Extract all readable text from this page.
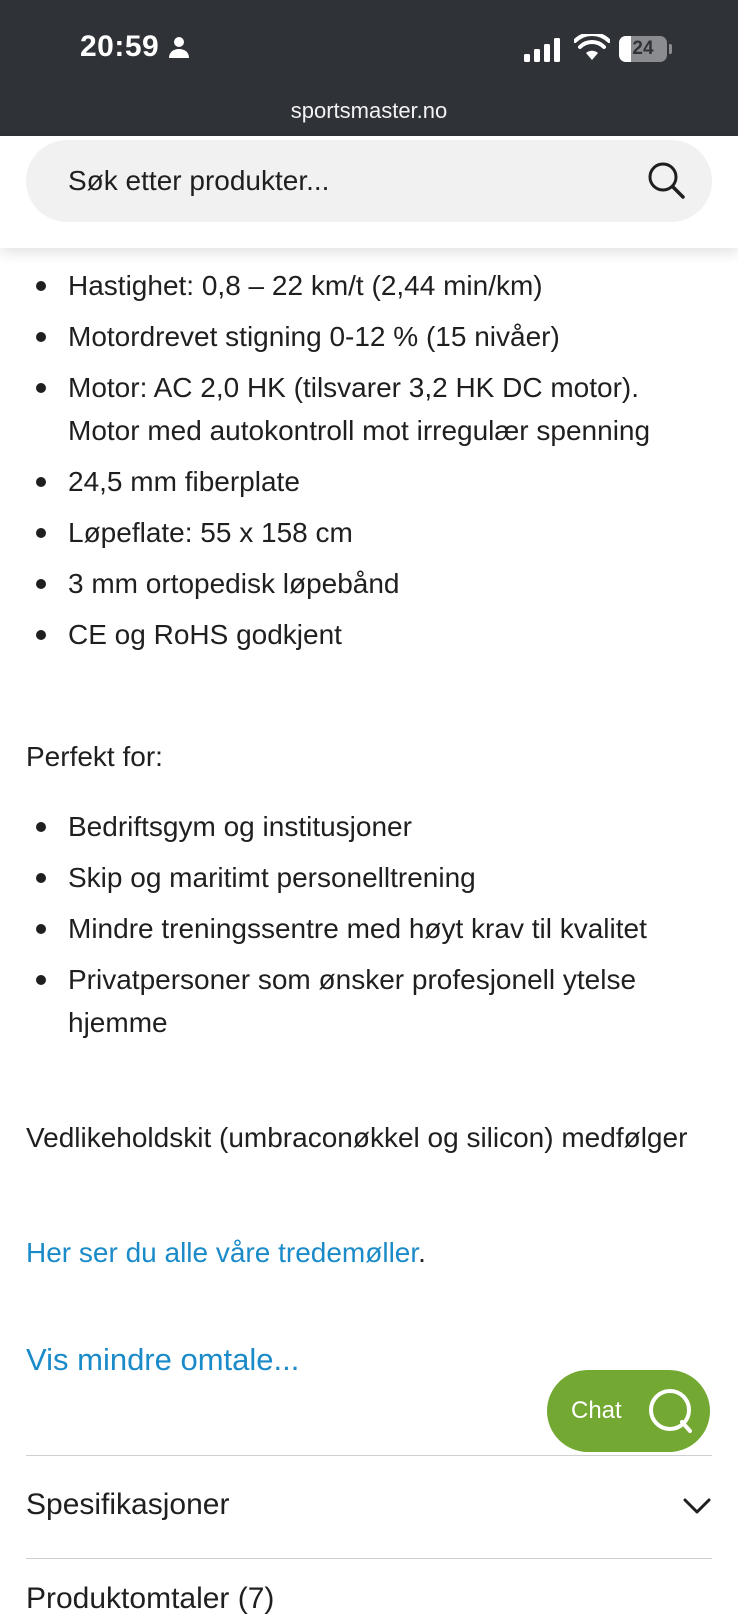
20:59	24
sportsmaster.no
Søk etter produkter...
Hastighet: 0,8 – 22 km/t (2,44 min/km)
Motordrevet stigning 0-12 % (15 nivåer)
Motor: AC 2,0 HK (tilsvarer 3,2 HK DC motor). Motor med autokontroll mot irregulær spenning
24,5 mm fiberplate
Løpeflate: 55 x 158 cm
3 mm ortopedisk løpebånd
CE og RoHS godkjent
Perfekt for:
Bedriftsgym og institusjoner
Skip og maritimt personelltrening
Mindre treningssentre med høyt krav til kvalitet
Privatpersoner som ønsker profesjonell ytelse hjemme
Vedlikeholdskit (umbraconøkkel og silicon) medfølger
Her ser du alle våre tredemøller.
Vis mindre omtale...
Chat
Spesifikasjoner
Produktomtaler (7)
